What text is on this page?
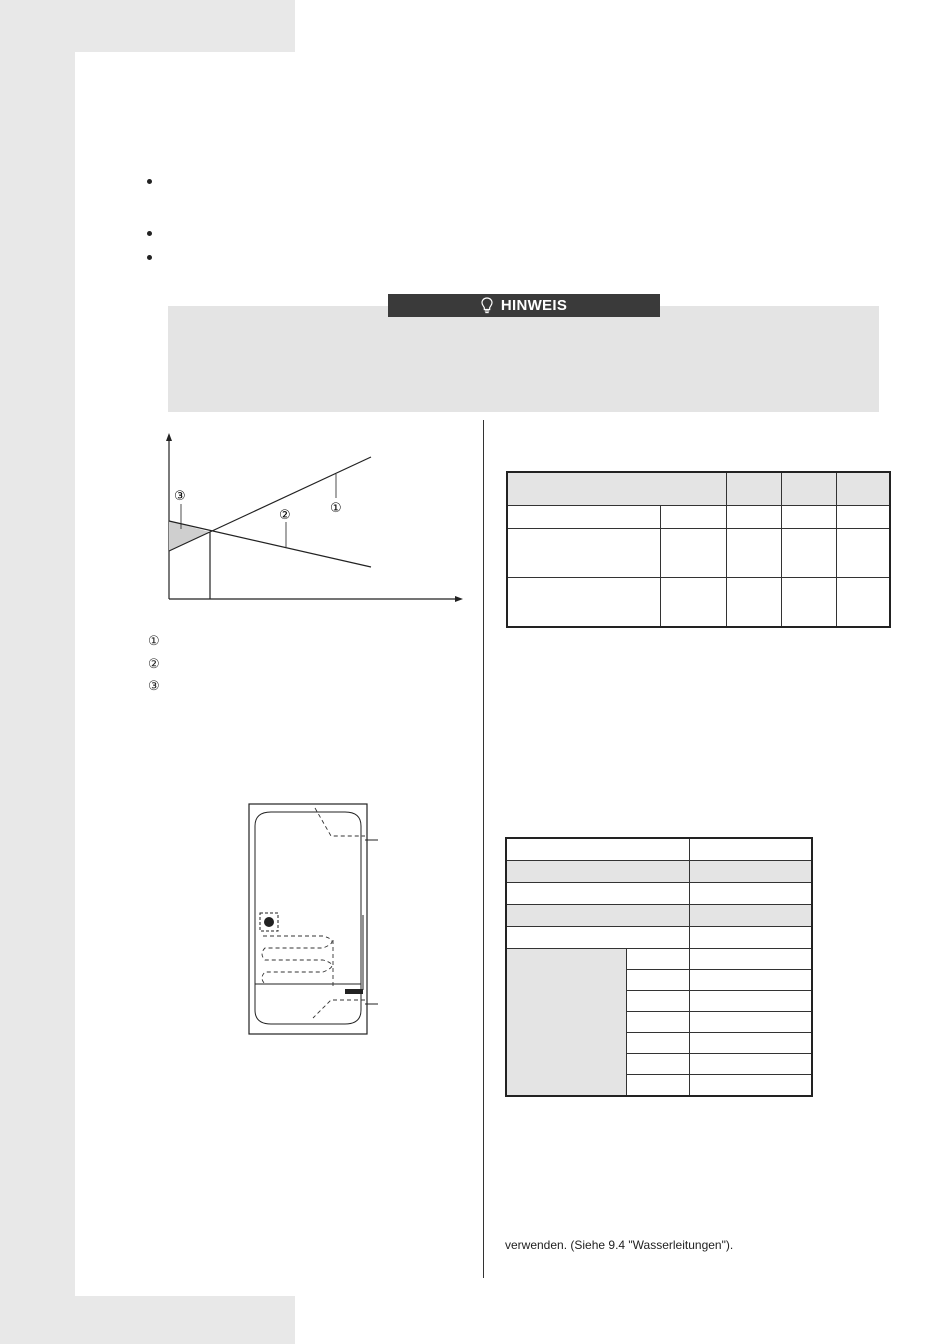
HINWEIS
①
②
③
①
②
③

verwenden. (Siehe 9.4 "Wasserleitungen").
